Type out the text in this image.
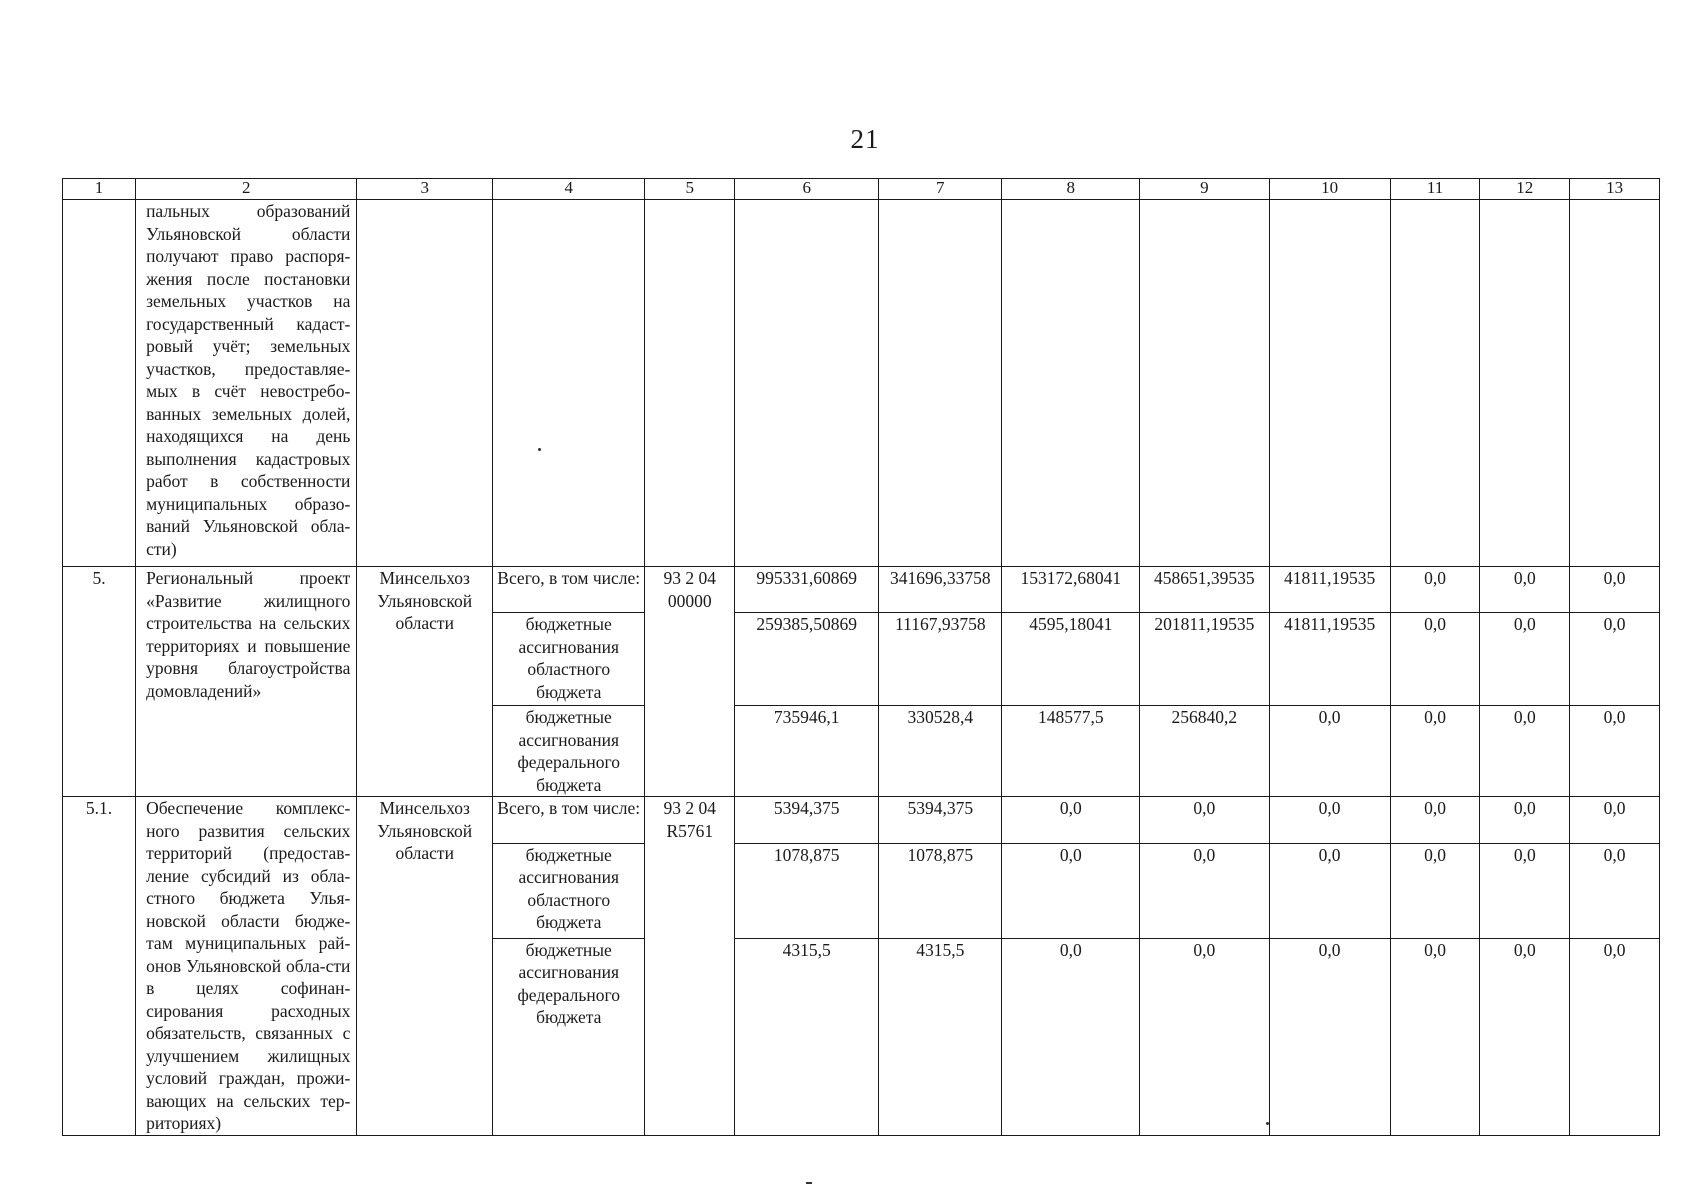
21
1	2	3	4	5	6	7	8	9	10	11	12	13
	пальных образований Ульяновской области получают право распоря-жения после постановки земельных участков на государственный кадаст-ровый учёт; земельных участков, предоставляе-мых в счёт невостребо-ванных земельных долей, находящихся на день выполнения кадастровых работ в собственности муниципальных образо-ваний Ульяновской обла-сти)											
5.	Региональный проект «Развитие жилищного строительства на сельских территориях и повышение уровня благоустройства домовладений»	Минсельхоз Ульяновской области	Всего, в том числе:	93 2 04 00000	995331,60869	341696,33758	153172,68041	458651,39535	41811,19535	0,0	0,0	0,0
			бюджетные ассигнования областного бюджета		259385,50869	11167,93758	4595,18041	201811,19535	41811,19535	0,0	0,0	0,0
			бюджетные ассигнования федерального бюджета		735946,1	330528,4	148577,5	256840,2	0,0	0,0	0,0	0,0
5.1.	Обеспечение комплекс-ного развития сельских территорий (предостав-ление субсидий из обла-стного бюджета Улья-новской области бюдже-там муниципальных рай-онов Ульяновской обла-сти в целях софинан-сирования расходных обязательств, связанных с улучшением жилищных условий граждан, прожи-вающих на сельских тер-риториях)	Минсельхоз Ульяновской области	Всего, в том числе:	93 2 04 R5761	5394,375	5394,375	0,0	0,0	0,0	0,0	0,0	0,0
			бюджетные ассигнования областного бюджета		1078,875	1078,875	0,0	0,0	0,0	0,0	0,0	0,0
			бюджетные ассигнования федерального бюджета		4315,5	4315,5	0,0	0,0	0,0	0,0	0,0	0,0
